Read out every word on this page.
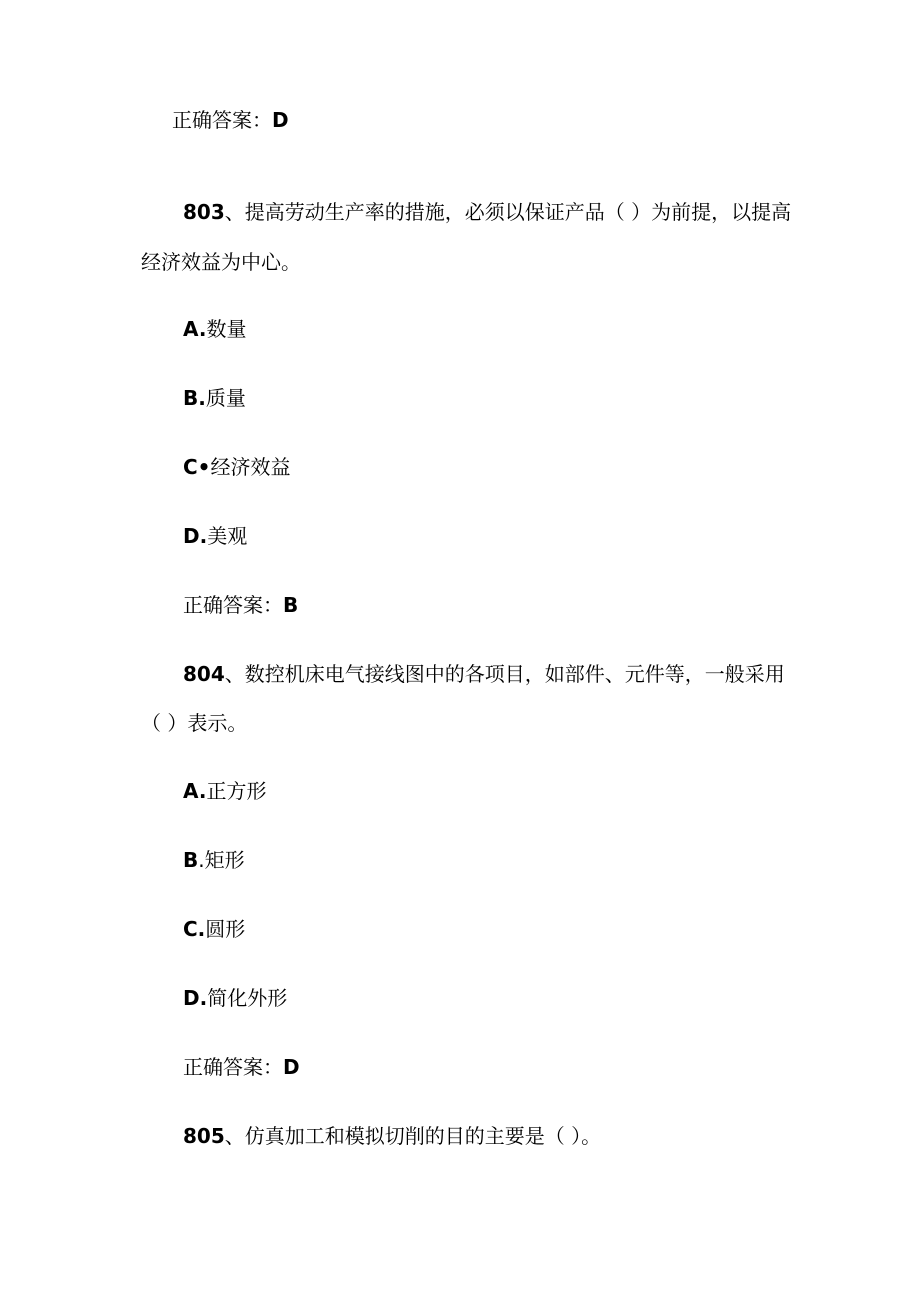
正确答案：D
803、提高劳动生产率的措施，必须以保证产品（ ）为前提，以提高
经济效益为中心。
A.数量
B.质量
C•经济效益
D.美观
正确答案：B
804、数控机床电气接线图中的各项目，如部件、元件等，一般采用
（ ）表示。
A.正方形
B.矩形
C.圆形
D.简化外形
正确答案：D
805、仿真加工和模拟切削的目的主要是（ ）。
